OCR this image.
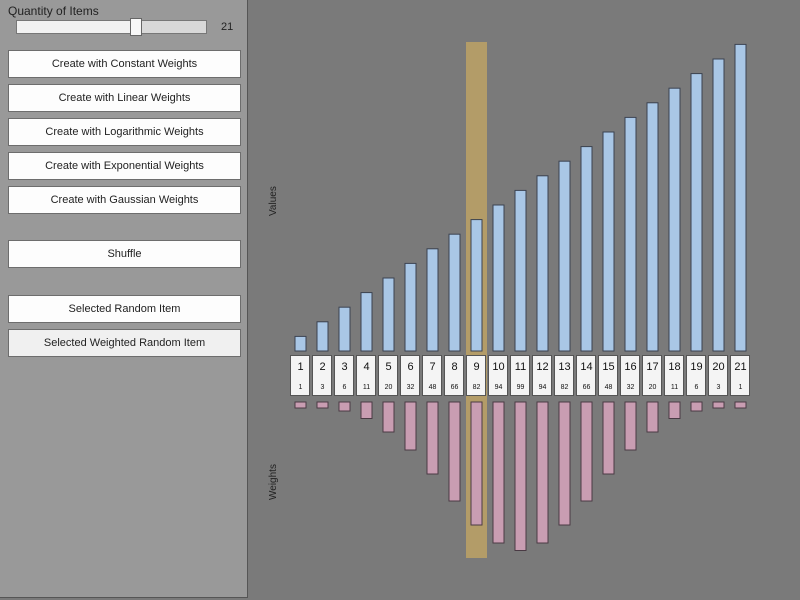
Quantity of Items
21
Create with Constant Weights
Create with Linear Weights
Create with Logarithmic Weights
Create with Exponential Weights
Create with Gaussian Weights
Shuffle
Selected Random Item
Selected Weighted Random Item
Values
Weights
1
1
2
3
3
6
4
11
5
20
6
32
7
48
8
66
9
82
10
94
11
99
12
94
13
82
14
66
15
48
16
32
17
20
18
11
19
6
20
3
21
1
